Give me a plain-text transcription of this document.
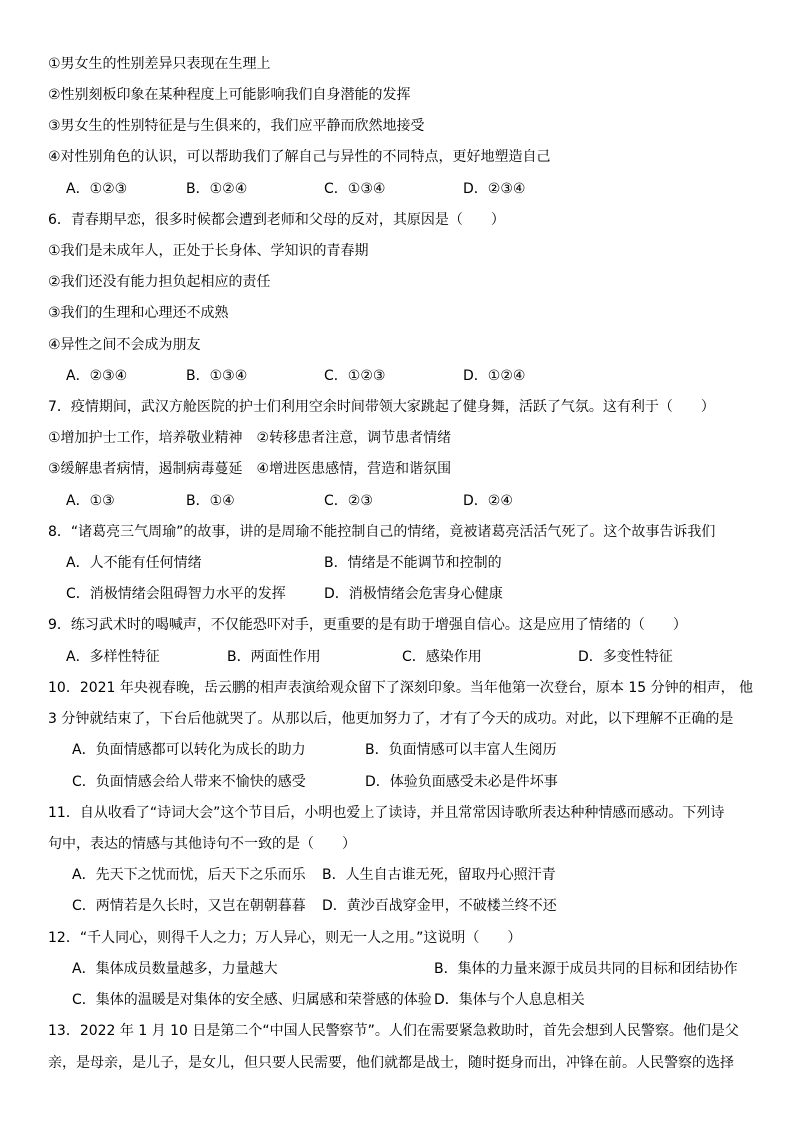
①男女生的性别差异只表现在生理上
②性别刻板印象在某种程度上可能影响我们自身潜能的发挥
③男女生的性别特征是与生俱来的，我们应平静而欣然地接受
④对性别角色的认识，可以帮助我们了解自己与异性的不同特点，更好地塑造自己
A．①②③	B．①②④	C．①③④	D．②③④
6．青春期早恋，很多时候都会遭到老师和父母的反对，其原因是（　　）
①我们是未成年人，正处于长身体、学知识的青春期
②我们还没有能力担负起相应的责任
③我们的生理和心理还不成熟
④异性之间不会成为朋友
A．②③④	B．①③④	C．①②③	D．①②④
7．疫情期间，武汉方舱医院的护士们利用空余时间带领大家跳起了健身舞，活跃了气氛。这有利于（　　）
①增加护士工作，培养敬业精神　②转移患者注意，调节患者情绪
③缓解患者病情，遏制病毒蔓延　④增进医患感情，营造和谐氛围
A．①③	B．①④	C．②③	D．②④
8．“诸葛亮三气周瑜”的故事，讲的是周瑜不能控制自己的情绪，竟被诸葛亮活活气死了。这个故事告诉我们
A．人不能有任何情绪	B．情绪是不能调节和控制的
C．消极情绪会阻碍智力水平的发挥	D．消极情绪会危害身心健康
9．练习武术时的喝喊声，不仅能恐吓对手，更重要的是有助于增强自信心。这是应用了情绪的（　　）
A．多样性特征	B．两面性作用	C．感染作用	D．多变性特征
10．2021 年央视春晚，岳云鹏的相声表演给观众留下了深刻印象。当年他第一次登台，原本 15 分钟的相声， 他
3 分钟就结束了，下台后他就哭了。从那以后，他更加努力了，才有了今天的成功。对此，以下理解不正确的是
A．负面情感都可以转化为成长的助力	B．负面情感可以丰富人生阅历
C．负面情感会给人带来不愉快的感受	D．体验负面感受未必是件坏事
11．自从收看了“诗词大会”这个节目后，小明也爱上了读诗，并且常常因诗歌所表达种种情感而感动。下列诗
句中，表达的情感与其他诗句不一致的是（　　）
A．先天下之忧而忧，后天下之乐而乐 B．人生自古谁无死，留取丹心照汗青
C．两情若是久长时，又岂在朝朝暮暮 D．黄沙百战穿金甲，不破楼兰终不还
12．“千人同心，则得千人之力；万人异心，则无一人之用。”这说明（　　）
A．集体成员数量越多，力量越大	B．集体的力量来源于成员共同的目标和团结协作
C．集体的温暖是对集体的安全感、归属感和荣誉感的体验 D．集体与个人息息相关
13．2022 年 1 月 10 日是第二个“中国人民警察节”。人们在需要紧急救助时，首先会想到人民警察。他们是父
亲，是母亲，是儿子，是女儿，但只要人民需要，他们就都是战士，随时挺身而出，冲锋在前。人民警察的选择
